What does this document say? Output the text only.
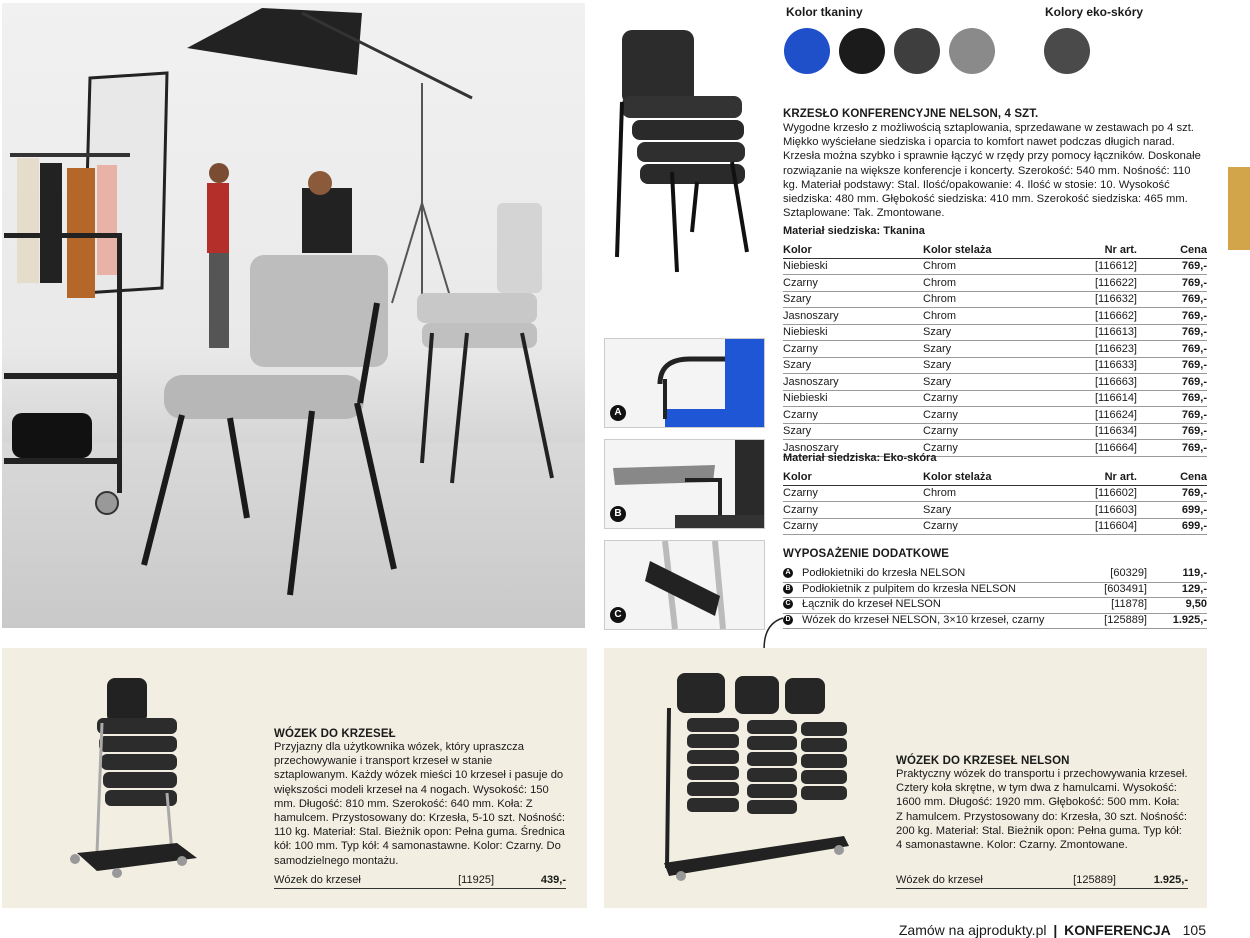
Kolor tkaniny	Kolory eko-skóry
KRZESŁO KONFERENCYJNE NELSON, 4 SZT.
Wygodne krzesło z możliwością sztaplowania, sprzedawane w zestawach po 4 szt. Miękko wyściełane siedziska i oparcia to komfort nawet podczas długich narad. Krzesła można szybko i sprawnie łączyć w rzędy przy pomocy łączników. Doskonałe rozwiązanie na większe konferencje i koncerty. Szerokość: 540 mm. Nośność: 110 kg. Materiał podstawy: Stal. Ilość/opakowanie: 4. Ilość w stosie: 10. Wysokość siedziska: 480 mm. Głębokość siedziska: 410 mm. Szerokość siedziska: 465 mm. Sztaplowane: Tak. Zmontowane.
Materiał siedziska: Tkanina
Kolor	Kolor stelaża	Nr art.	Cena
Niebieski	Chrom	[116612]	769,-
Czarny	Chrom	[116622]	769,-
Szary	Chrom	[116632]	769,-
Jasnoszary	Chrom	[116662]	769,-
Niebieski	Szary	[116613]	769,-
Czarny	Szary	[116623]	769,-
Szary	Szary	[116633]	769,-
Jasnoszary	Szary	[116663]	769,-
Niebieski	Czarny	[116614]	769,-
Czarny	Czarny	[116624]	769,-
Szary	Czarny	[116634]	769,-
Jasnoszary	Czarny	[116664]	769,-
Materiał siedziska: Eko-skóra
Kolor	Kolor stelaża	Nr art.	Cena
Czarny	Chrom	[116602]	769,-
Czarny	Szary	[116603]	699,-
Czarny	Czarny	[116604]	699,-
WYPOSAŻENIE DODATKOWE
A Podłokietniki do krzesła NELSON	[60329]	119,-
B Podłokietnik z pulpitem do krzesła NELSON	[603491]	129,-
C Łącznik do krzeseł NELSON	[11878]	9,50
D Wózek do krzeseł NELSON, 3×10 krzeseł, czarny	[125889] 1.925,-
A
B
C
WÓZEK DO KRZESEŁ
Przyjazny dla użytkownika wózek, który upraszcza przechowywanie i transport krzeseł w stanie sztaplowanym. Każdy wózek mieści 10 krzeseł i pasuje do większości modeli krzeseł na 4 nogach. Wysokość: 150 mm. Długość: 810 mm. Szerokość: 640 mm. Koła: Z hamulcem. Przystosowany do: Krzesła, 5-10 szt. Nośność: 110 kg. Materiał: Stal. Bieżnik opon: Pełna guma. Średnica kół: 100 mm. Typ kół: 4 samonastawne. Kolor: Czarny. Do samodzielnego montażu.
Wózek do krzeseł	[11925]	439,-
WÓZEK DO KRZESEŁ NELSON
Praktyczny wózek do transportu i przechowywania krzeseł. Cztery koła skrętne, w tym dwa z hamulcami. Wysokość: 1600 mm. Długość: 1920 mm. Głębokość: 500 mm. Koła: Z hamulcem. Przystosowany do: Krzesła, 30 szt. Nośność: 200 kg. Materiał: Stal. Bieżnik opon: Pełna guma. Typ kół: 4 samonastawne. Kolor: Czarny. Zmontowane.
Wózek do krzeseł	[125889]	1.925,-
Zamów na ajprodukty.pl | KONFERENCJA 105
